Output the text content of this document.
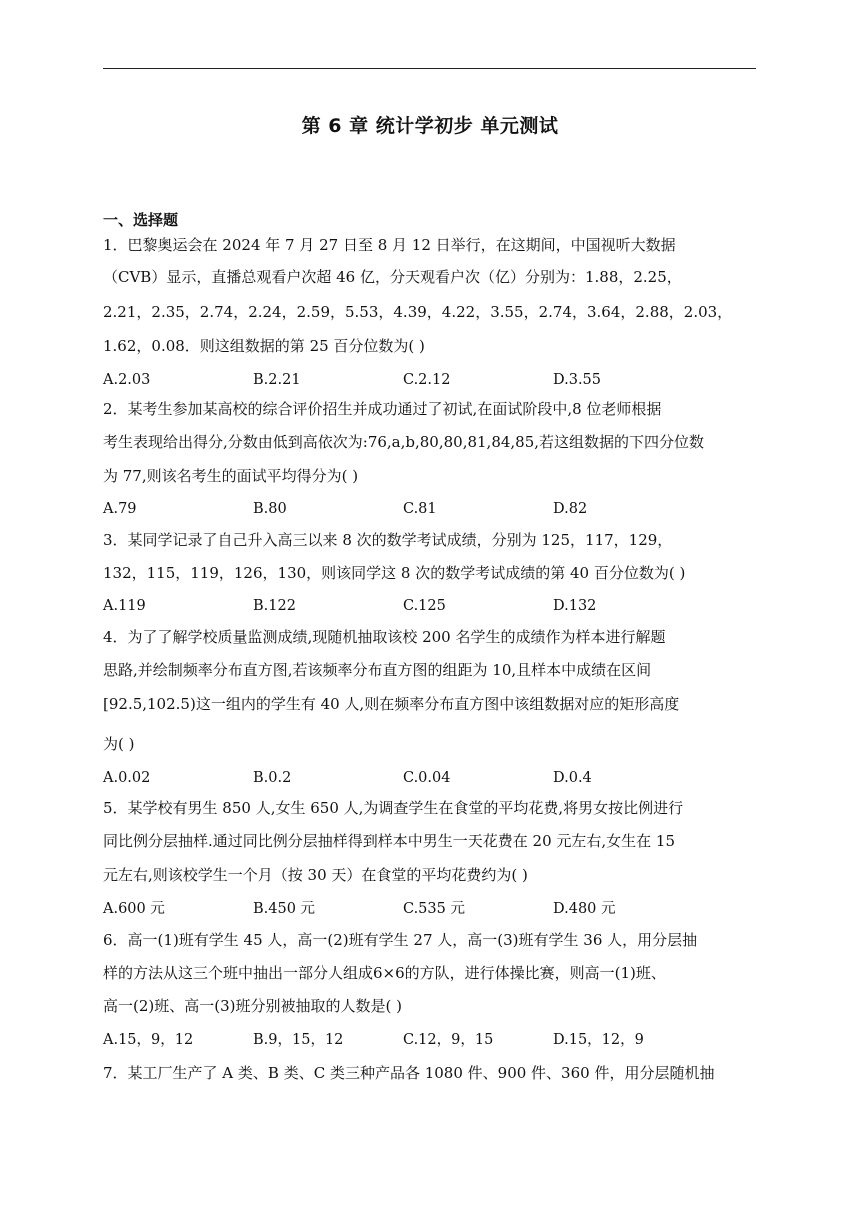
第 6 章 统计学初步 单元测试
一、选择题
1．巴黎奥运会在 2024 年 7 月 27 日至 8 月 12 日举行，在这期间，中国视听大数据
（CVB）显示，直播总观看户次超 46 亿，分天观看户次（亿）分别为：1.88，2.25，
2.21，2.35，2.74，2.24，2.59，5.53，4.39，4.22，3.55，2.74，3.64，2.88，2.03，
1.62，0.08．则这组数据的第 25 百分位数为( )
A.2.03	B.2.21	C.2.12	D.3.55
2．某考生参加某高校的综合评价招生并成功通过了初试,在面试阶段中,8 位老师根据
考生表现给出得分,分数由低到高依次为:76,a,b,80,80,81,84,85,若这组数据的下四分位数
为 77,则该名考生的面试平均得分为( )
A.79	B.80	C.81	D.82
3．某同学记录了自己升入高三以来 8 次的数学考试成绩，分别为 125，117，129，
132，115，119，126，130，则该同学这 8 次的数学考试成绩的第 40 百分位数为( )
A.119	B.122	C.125	D.132
4．为了了解学校质量监测成绩,现随机抽取该校 200 名学生的成绩作为样本进行解题
思路,并绘制频率分布直方图,若该频率分布直方图的组距为 10,且样本中成绩在区间
[92.5,102.5)这一组内的学生有 40 人,则在频率分布直方图中该组数据对应的矩形高度
为( )
A.0.02	B.0.2	C.0.04	D.0.4
5．某学校有男生 850 人,女生 650 人,为调查学生在食堂的平均花费,将男女按比例进行
同比例分层抽样.通过同比例分层抽样得到样本中男生一天花费在 20 元左右,女生在 15
元左右,则该校学生一个月（按 30 天）在食堂的平均花费约为( )
A.600 元	B.450 元	C.535 元	D.480 元
6．高一(1)班有学生 45 人，高一(2)班有学生 27 人，高一(3)班有学生 36 人，用分层抽
样的方法从这三个班中抽出一部分人组成6×6的方队，进行体操比赛，则高一(1)班、
高一(2)班、高一(3)班分别被抽取的人数是( )
A.15，9，12	B.9，15，12	C.12，9，15	D.15，12，9
7．某工厂生产了 A 类、B 类、C 类三种产品各 1080 件、900 件、360 件，用分层随机抽
